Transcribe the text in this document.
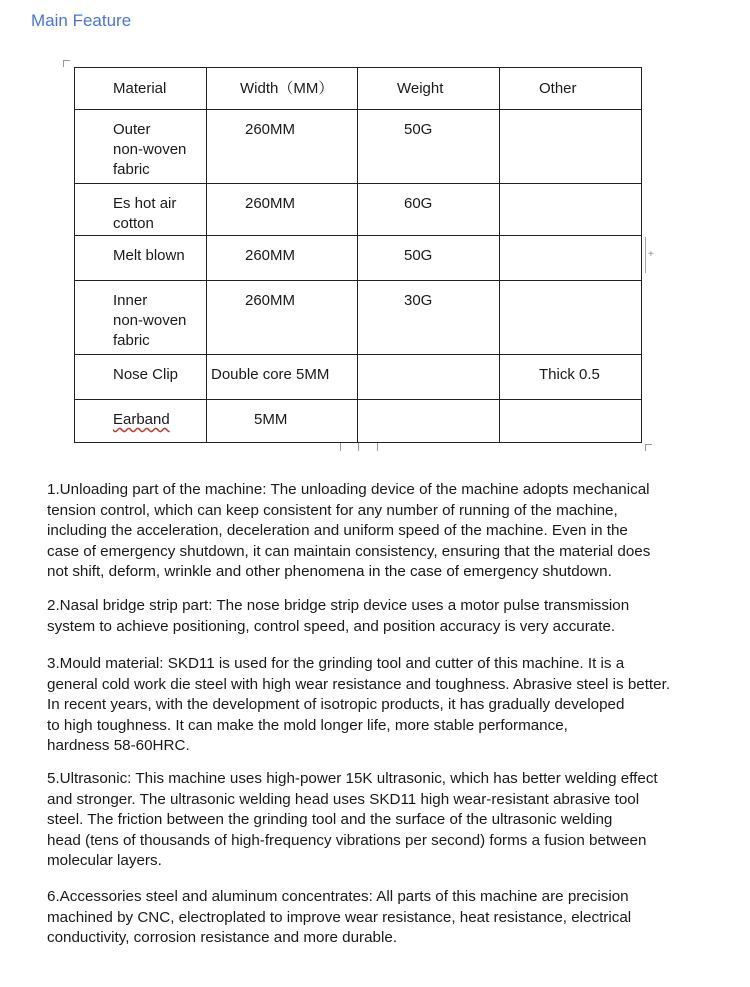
Main Feature
Material	Width（MM）	Weight	Other
Outer
non-woven
fabric	260MM	50G	
Es hot air
cotton	260MM	60G	
Melt blown	260MM	50G	
Inner
non-woven
fabric	260MM	30G	
Nose Clip	Double core 5MM		Thick 0.5
Earband	5MM		
+

1.Unloading part of the machine: The unloading device of the machine adopts mechanical
tension control, which can keep consistent for any number of running of the machine,
including the acceleration, deceleration and uniform speed of the machine. Even in the
case of emergency shutdown, it can maintain consistency, ensuring that the material does
not shift, deform, wrinkle and other phenomena in the case of emergency shutdown.

2.Nasal bridge strip part: The nose bridge strip device uses a motor pulse transmission
system to achieve positioning, control speed, and position accuracy is very accurate.

3.Mould material: SKD11 is used for the grinding tool and cutter of this machine. It is a
general cold work die steel with high wear resistance and toughness. Abrasive steel is better.
In recent years, with the development of isotropic products, it has gradually developed
to high toughness. It can make the mold longer life, more stable performance,
hardness 58-60HRC.

5.Ultrasonic: This machine uses high-power 15K ultrasonic, which has better welding effect
and stronger. The ultrasonic welding head uses SKD11 high wear-resistant abrasive tool
steel. The friction between the grinding tool and the surface of the ultrasonic welding
head (tens of thousands of high-frequency vibrations per second) forms a fusion between
molecular layers.

6.Accessories steel and aluminum concentrates: All parts of this machine are precision
machined by CNC, electroplated to improve wear resistance, heat resistance, electrical
conductivity, corrosion resistance and more durable.
